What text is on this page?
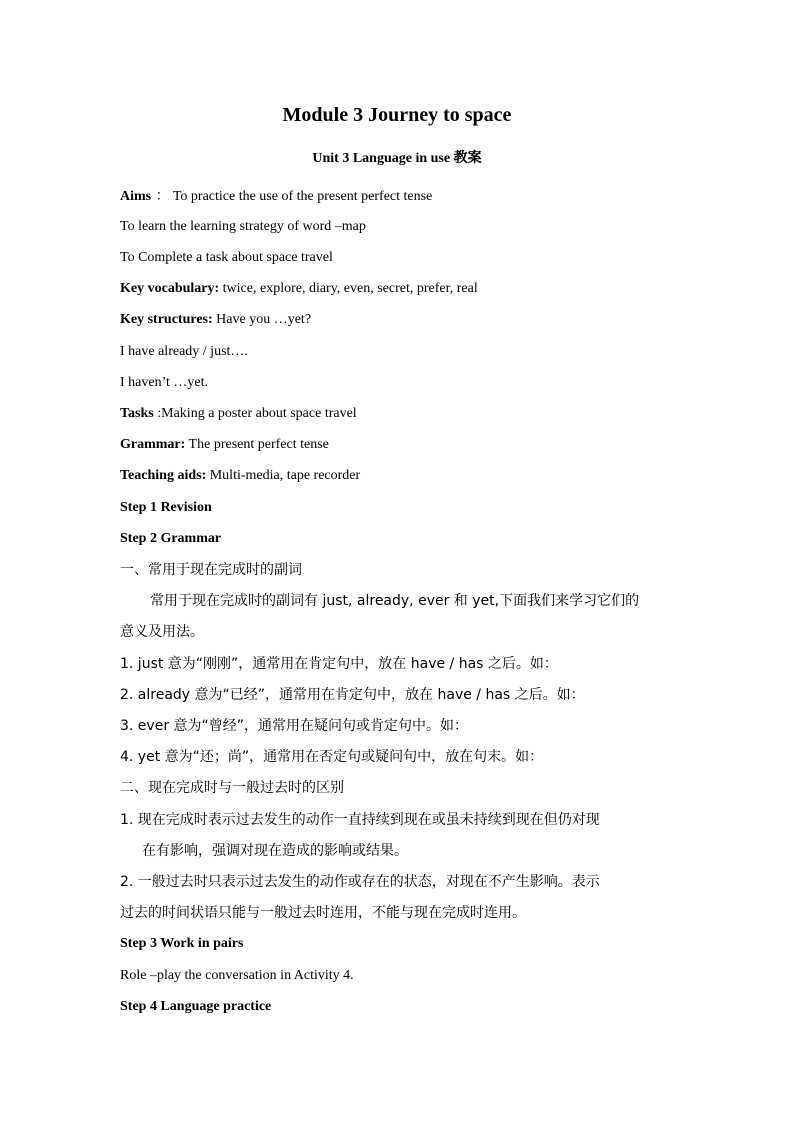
Module 3 Journey to space
Unit 3 Language in use 教案

Aims ： To practice the use of the present perfect tense

To learn the learning strategy of word –map

To Complete a task about space travel

Key vocabulary: twice, explore, diary, even, secret, prefer, real

Key structures: Have you …yet?

I have already / just….

I haven’t …yet.

Tasks :Making a poster about space travel

Grammar: The present perfect tense

Teaching aids: Multi-media, tape recorder

Step 1 Revision

Step 2 Grammar

一、常用于现在完成时的副词

常用于现在完成时的副词有 just, already, ever 和 yet,下面我们来学习它们的

意义及用法。

1. just 意为“刚刚”，通常用在肯定句中，放在 have / has 之后。如：

2. already 意为“已经”，通常用在肯定句中，放在 have / has 之后。如：

3. ever 意为“曾经”，通常用在疑问句或肯定句中。如：

4. yet 意为“还；尚”，通常用在否定句或疑问句中，放在句末。如：

二、现在完成时与一般过去时的区别

1. 现在完成时表示过去发生的动作一直持续到现在或虽未持续到现在但仍对现

在有影响，强调对现在造成的影响或结果。

2. 一般过去时只表示过去发生的动作或存在的状态，对现在不产生影响。表示

过去的时间状语只能与一般过去时连用，不能与现在完成时连用。

Step 3 Work in pairs

Role –play the conversation in Activity 4.

Step 4 Language practice
